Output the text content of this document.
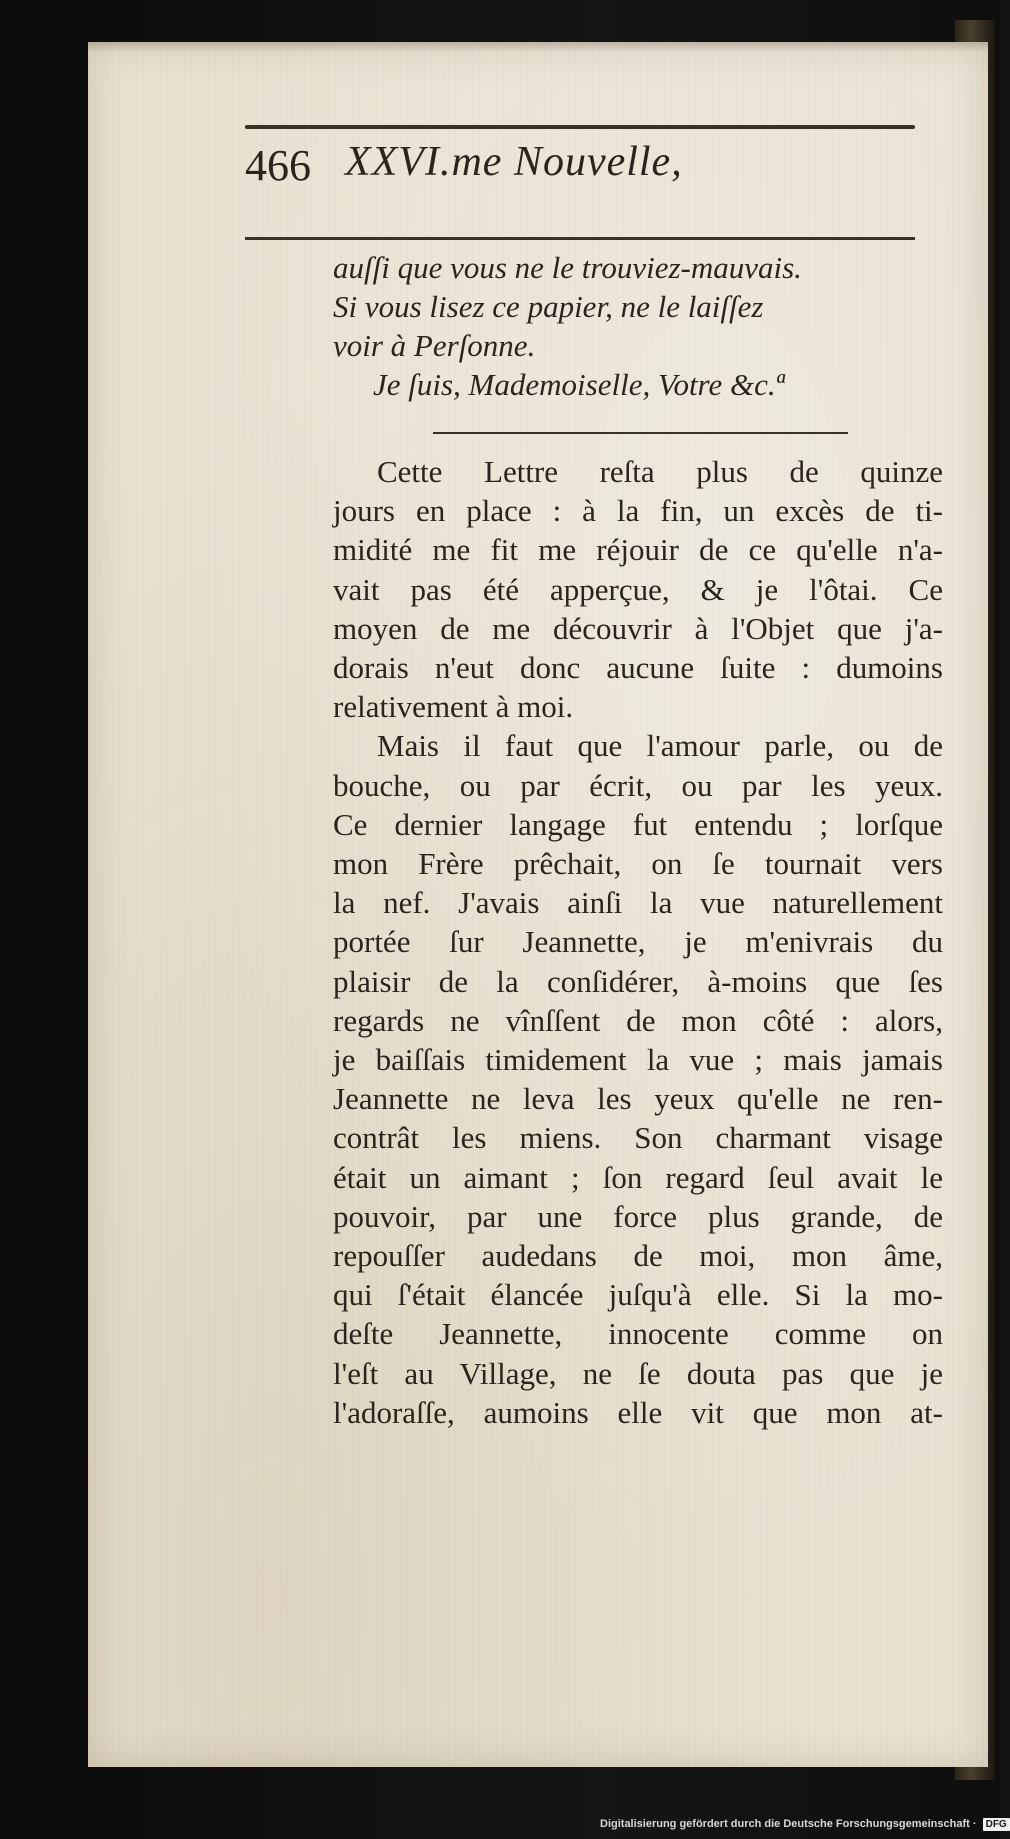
466 XXVI.me Nouvelle,
auſſi que vous ne le trouviez-mauvais.
Si vous lisez ce papier, ne le laiſſez
voir à Perſonne.
Je ſuis, Mademoiselle, Votre &c.ª
Cette Lettre reſta plus de quinze
jours en place : à la fin, un excès de ti-
midité me fit me réjouir de ce qu'elle n'a-
vait pas été apperçue, & je l'ôtai. Ce
moyen de me découvrir à l'Objet que j'a-
dorais n'eut donc aucune ſuite : dumoins
relativement à moi.
Mais il faut que l'amour parle, ou de
bouche, ou par écrit, ou par les yeux.
Ce dernier langage fut entendu ; lorſque
mon Frère prêchait, on ſe tournait vers
la nef. J'avais ainſi la vue naturellement
portée ſur Jeannette, je m'enivrais du
plaisir de la conſidérer, à-moins que ſes
regards ne vînſſent de mon côté : alors,
je baiſſais timidement la vue ; mais jamais
Jeannette ne leva les yeux qu'elle ne ren-
contrât les miens. Son charmant visage
était un aimant ; ſon regard ſeul avait le
pouvoir, par une force plus grande, de
repouſſer audedans de moi, mon âme,
qui ſ'était élancée juſqu'à elle. Si la mo-
deſte Jeannette, innocente comme on
l'eſt au Village, ne ſe douta pas que je
l'adoraſſe, aumoins elle vit que mon at-
Digitalisierung gefördert durch die Deutsche Forschungsgemeinschaft · DFG
